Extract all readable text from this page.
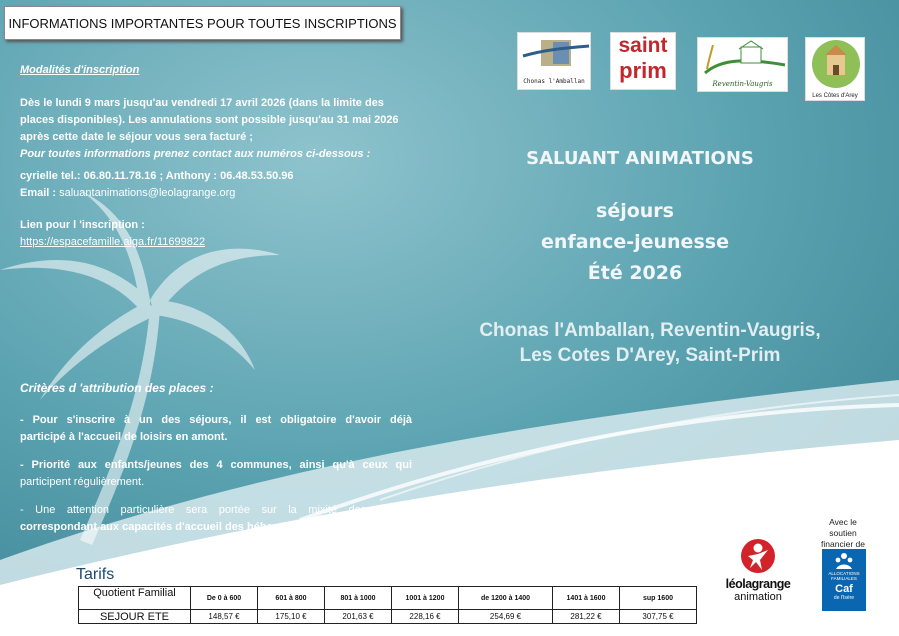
INFORMATIONS IMPORTANTES POUR TOUTES INSCRIPTIONS
Modalités d'inscription
Dès le lundi 9 mars jusqu'au vendredi 17 avril 2026 (dans la limite des
places disponibles). Les annulations sont possible jusqu'au 31 mai 2026
après cette date le séjour vous sera facturé ;
Pour toutes informations prenez contact aux numéros ci-dessous :
cyrielle tel.: 06.80.11.78.16 ; Anthony : 06.48.53.50.96
Email : saluantanimations@leolagrange.org
Lien pour l 'inscription :
https://espacefamille.aiga.fr/11699822
Critères d 'attribution des places :
- Pour s'inscrire à un des séjours, il est obligatoire d'avoir déjà
participé à l'accueil de loisirs en amont.
- Priorité aux enfants/jeunes des 4 communes, ainsi qu'à ceux qui
participent régulièrement.
- Une attention particulière sera portée sur la mixité des inscrits
correspondant aux capacités d'accueil des hébergements.
Chonas l'Amballan
saint
prim
Reventin-Vaugris
Les Côtes d'Arey
SALUANT ANIMATIONS
séjours
enfance-jeunesse
Été 2026
Chonas l'Amballan, Reventin-Vaugris,
Les Cotes D'Arey, Saint-Prim
Avec le
soutien
financier de
ALLOCATIONS
FAMILIALES
Caf
de l'Isère
léolagrange
animation
Tarifs
Quotient Familial	De 0 à 600	601 à 800	801 à 1000	1001 à 1200	de 1200 à 1400	1401 à 1600	sup 1600
SEJOUR ETE	148,57 €	175,10 €	201,63 €	228,16 €	254,69 €	281,22 €	307,75 €
